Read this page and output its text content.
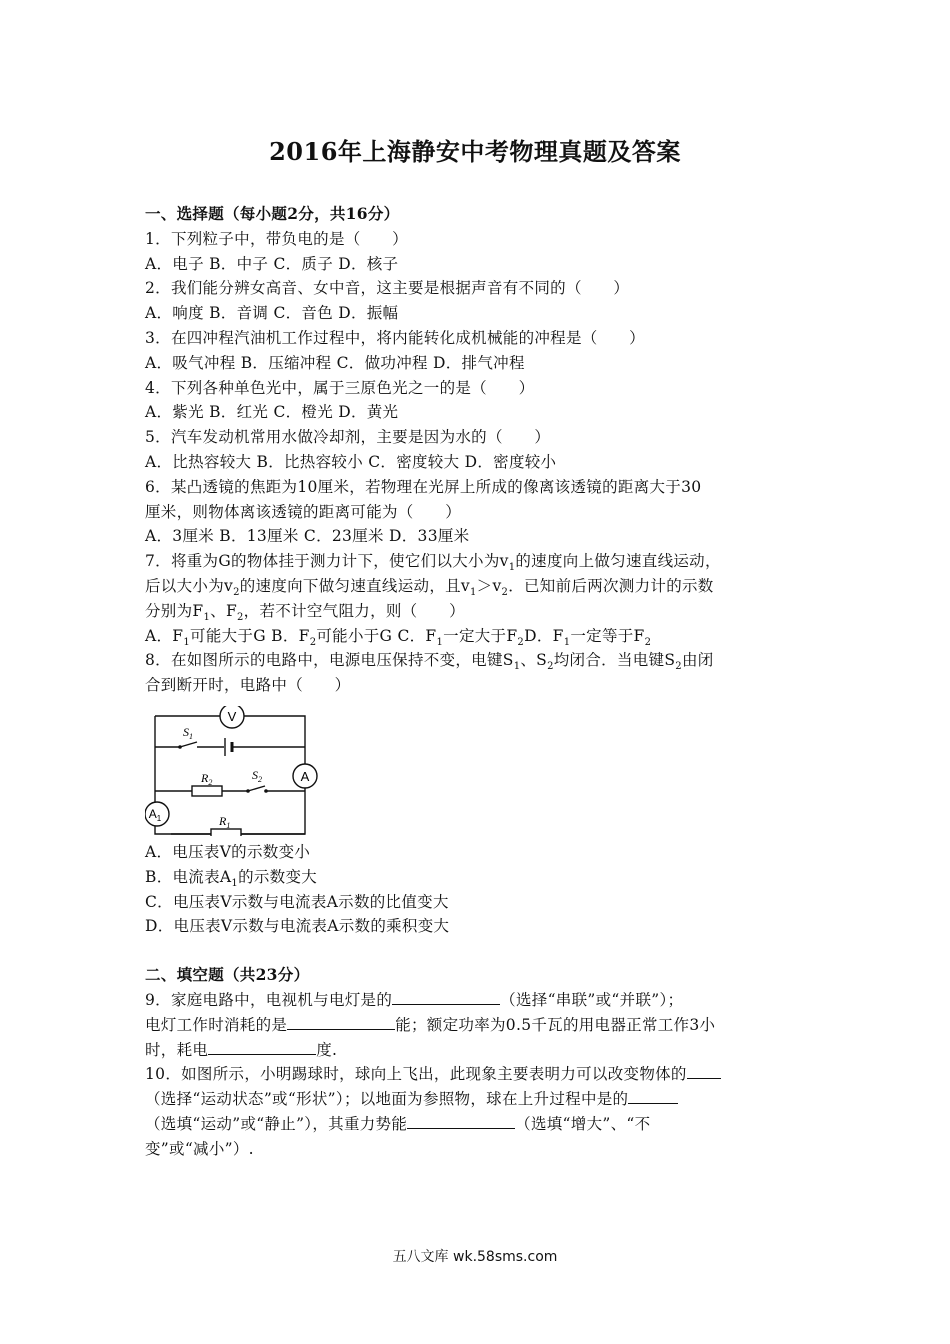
2016年上海静安中考物理真题及答案
一、选择题（每小题2分，共16分）
1．下列粒子中，带负电的是（　　）
A．电子 B．中子 C．质子 D．核子
2．我们能分辨女高音、女中音，这主要是根据声音有不同的（　　）
A．响度 B．音调 C．音色 D．振幅
3．在四冲程汽油机工作过程中，将内能转化成机械能的冲程是（　　）
A．吸气冲程 B．压缩冲程 C．做功冲程 D．排气冲程
4．下列各种单色光中，属于三原色光之一的是（　　）
A．紫光 B．红光 C．橙光 D．黄光
5．汽车发动机常用水做冷却剂，主要是因为水的（　　）
A．比热容较大 B．比热容较小 C．密度较大 D．密度较小
6．某凸透镜的焦距为10厘米，若物理在光屏上所成的像离该透镜的距离大于30
厘米，则物体离该透镜的距离可能为（　　）
A．3厘米 B．13厘米 C．23厘米 D．33厘米
7．将重为G的物体挂于测力计下，使它们以大小为$v_1$的速度向上做匀速直线运动，
后以大小为$v_2$的速度向下做匀速直线运动，且$v_1>v_2$．已知前后两次测力计的示数
分别为$F_1$、$F_2$，若不计空气阻力，则（　　）
A．$F_1$可能大于G B．$F_2$可能小于G C．$F_1$一定大于$F_2D$．$F_1$一定等于$F_2$
8．在如图所示的电路中，电源电压保持不变，电键$S_1$、$S_2$均闭合．当电键$S_2$由闭
合到断开时，电路中（　　）
V
$S_1$
A
$R_2$
$S_2$
$A_1$	$R_1$
A．电压表V的示数变小
B．电流表$A_1$的示数变大
C．电压表V示数与电流表A示数的比值变大
D．电压表V示数与电流表A示数的乘积变大
二、填空题（共23分）
9．家庭电路中，电视机与电灯是的	（选择“串联”或“并联”）；
电灯工作时消耗的是	能；额定功率为0.5千瓦的用电器正常工作3小
时，耗电	度.
10．如图所示，小明踢球时，球向上飞出，此现象主要表明力可以改变物体的
（选择“运动状态”或“形状”）；以地面为参照物，球在上升过程中是的
（选填“运动”或“静止”），其重力势能	（选填“增大”、“不
变”或“减小”）.
五八文库 wk.58sms.com
